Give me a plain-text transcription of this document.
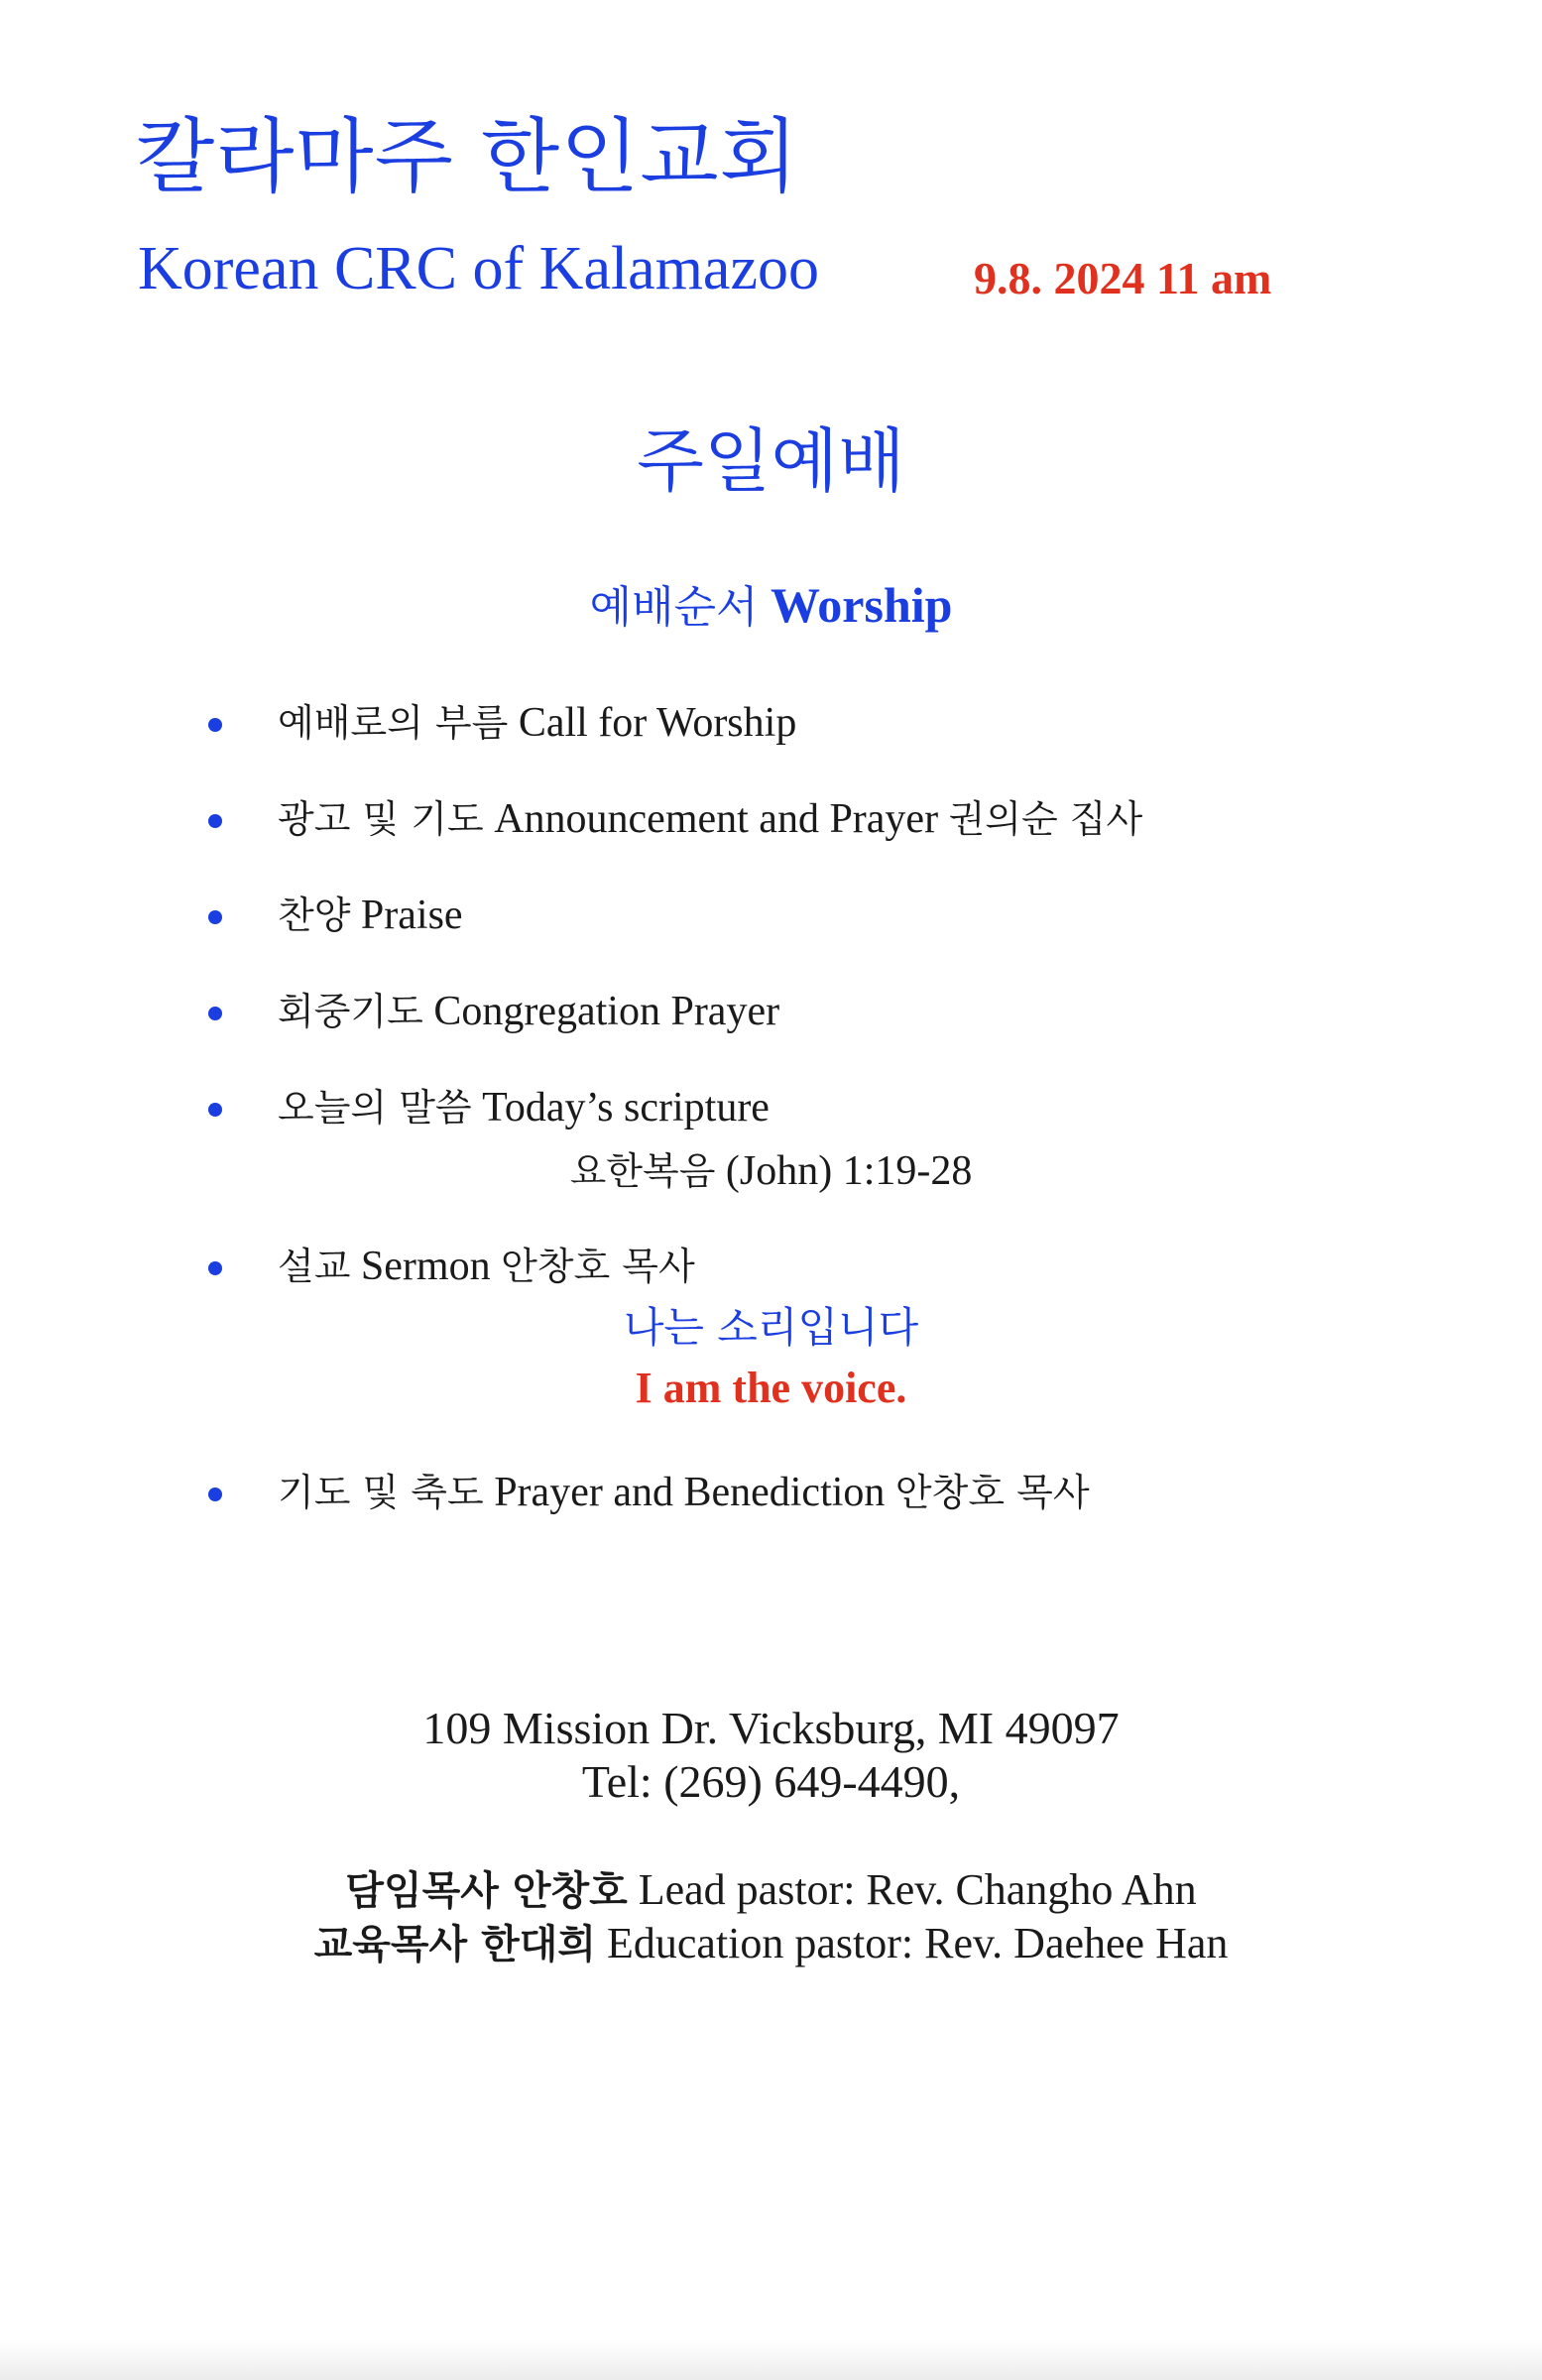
칼라마주 한인교회
Korean CRC of Kalamazoo	9.8. 2024 11 am
주일예배
예배순서 Worship
예배로의 부름 Call for Worship
광고 및 기도 Announcement and Prayer 권의순 집사
찬양 Praise
회중기도 Congregation Prayer
오늘의 말씀 Today’s scripture
요한복음 (John) 1:19-28
설교 Sermon 안창호 목사
나는 소리입니다
I am the voice.
기도 및 축도 Prayer and Benediction 안창호 목사
109 Mission Dr. Vicksburg, MI 49097
Tel: (269) 649-4490,
담임목사 안창호 Lead pastor: Rev. Changho Ahn
교육목사 한대희 Education pastor: Rev. Daehee Han
